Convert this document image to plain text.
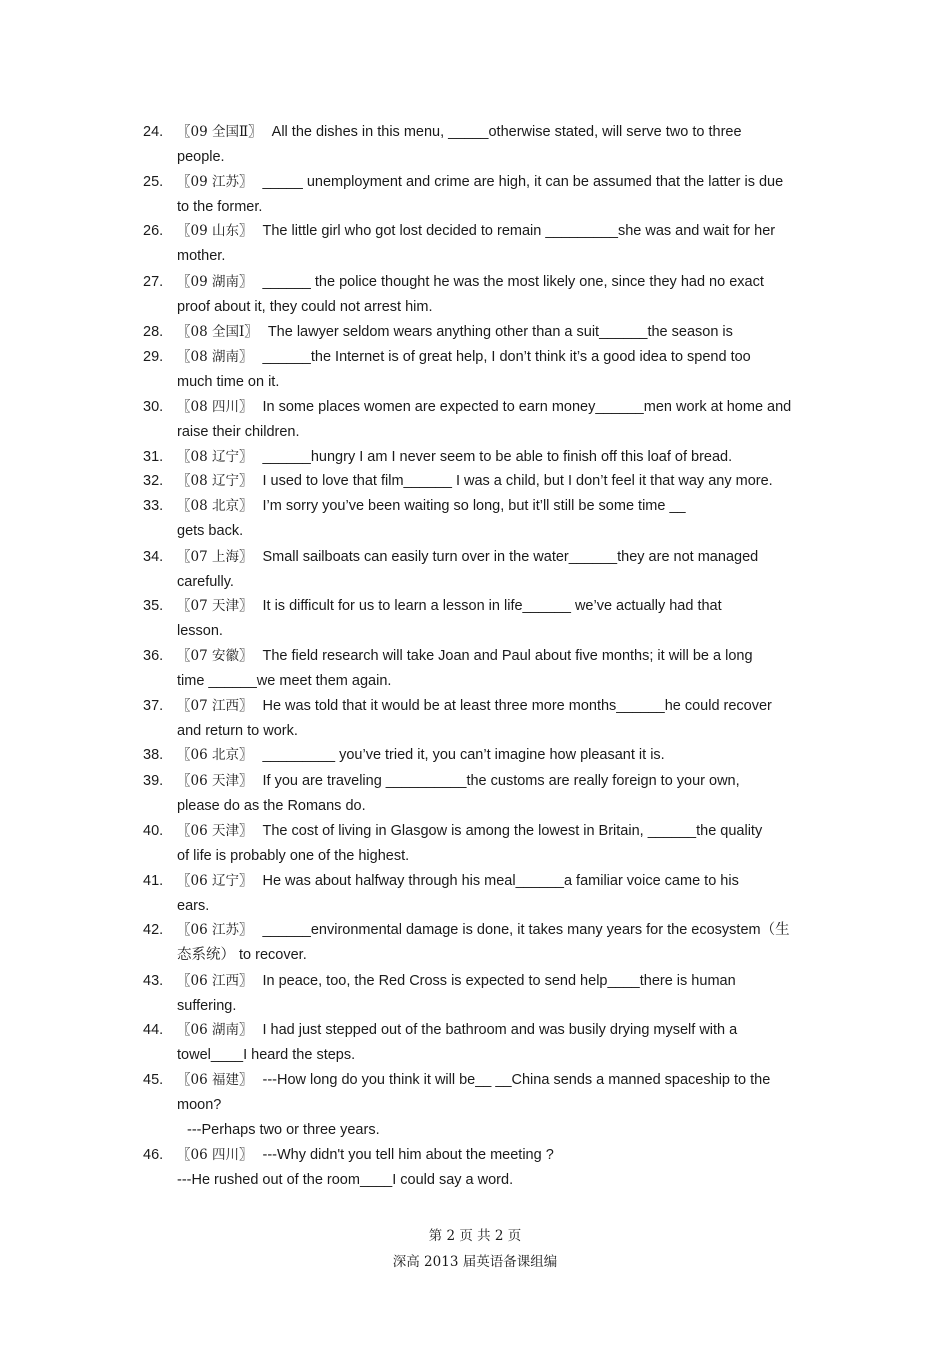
24. 〖09 全国Ⅱ〗 All the dishes in this menu, _____otherwise stated, will serve two to three
people.
25. 〖09 江苏〗 _____ unemployment and crime are high, it can be assumed that the latter is due
to the former.
26. 〖09 山东〗 The little girl who got lost decided to remain _________she was and wait for her
mother.
27. 〖09 湖南〗 ______ the police thought he was the most likely one, since they had no exact
proof about it, they could not arrest him.
28. 〖08 全国Ⅰ〗 The lawyer seldom wears anything other than a suit______the season is
29. 〖08 湖南〗 ______the Internet is of great help, I don’t think it’s a good idea to spend too
much time on it.
30. 〖08 四川〗 In some places women are expected to earn money______men work at home and
raise their children.
31. 〖08 辽宁〗 ______hungry I am I never seem to be able to finish off this loaf of bread.
32. 〖08 辽宁〗 I used to love that film______ I was a child, but I don’t feel it that way any more.
33. 〖08 北京〗 I’m sorry you’ve been waiting so long, but it’ll still be some time __
gets back.
34. 〖07 上海〗 Small sailboats can easily turn over in the water______they are not managed
carefully.
35. 〖07 天津〗 It is difficult for us to learn a lesson in life______ we’ve actually had that
lesson.
36. 〖07 安徽〗 The field research will take Joan and Paul about five months; it will be a long
time ______we meet them again.
37. 〖07 江西〗 He was told that it would be at least three more months______he could recover
and return to work.
38. 〖06 北京〗 _________ you’ve tried it, you can’t imagine how pleasant it is.
39. 〖06 天津〗 If you are traveling __________the customs are really foreign to your own,
please do as the Romans do.
40. 〖06 天津〗 The cost of living in Glasgow is among the lowest in Britain, ______the quality
of life is probably one of the highest.
41. 〖06 辽宁〗 He was about halfway through his meal______a familiar voice came to his
ears.
42. 〖06 江苏〗 ______environmental damage is done, it takes many years for the ecosystem（生
态系统） to recover.
43. 〖06 江西〗 In peace, too, the Red Cross is expected to send help____there is human
suffering.
44. 〖06 湖南〗 I had just stepped out of the bathroom and was busily drying myself with a
towel____I heard the steps.
45. 〖06 福建〗 ---How long do you think it will be__ __China sends a manned spaceship to the
moon?
---Perhaps two or three years.
46. 〖06 四川〗 ---Why didn't you tell him about the meeting ?
---He rushed out of the room____I could say a word.
第 2 页 共 2 页
深高 2013 届英语备课组编
